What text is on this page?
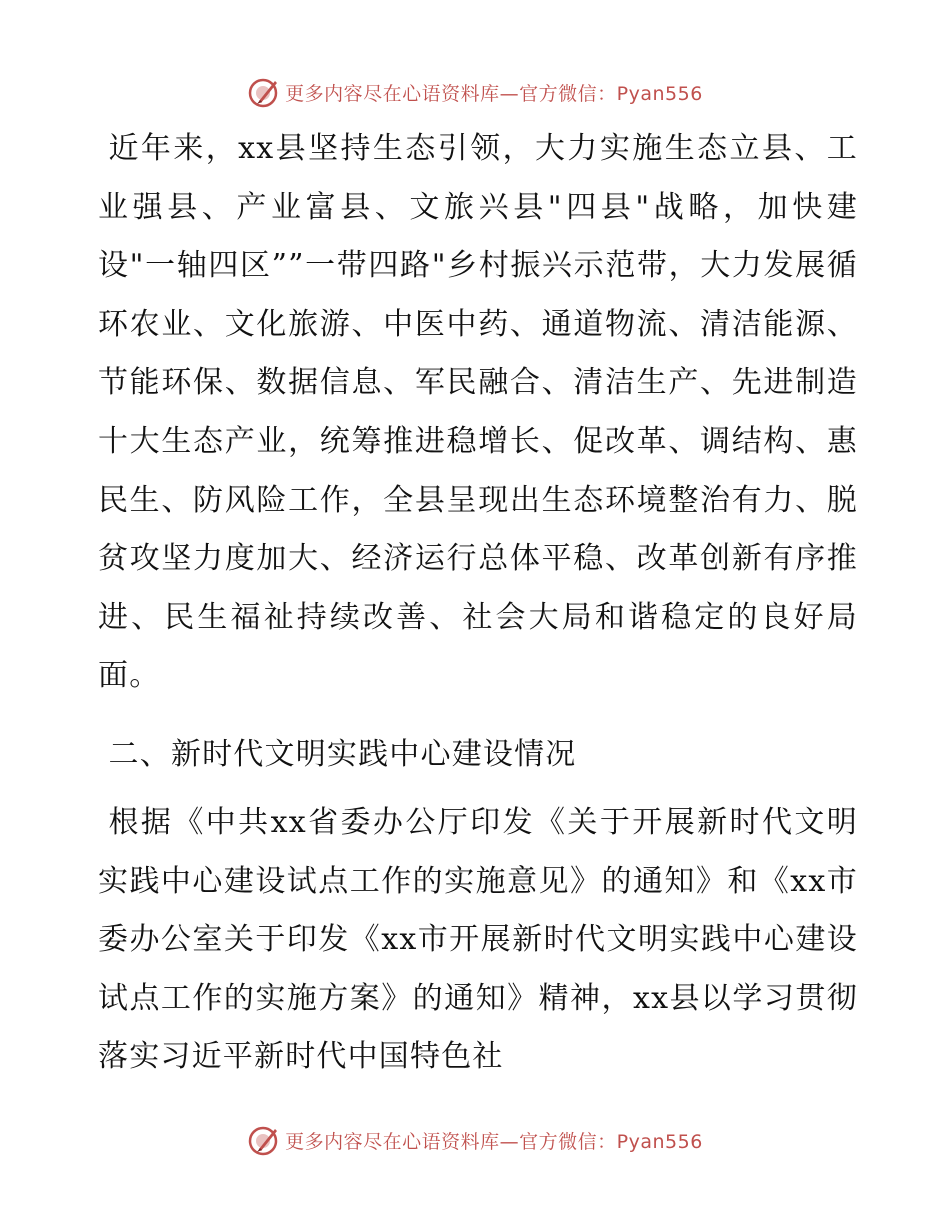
更多内容尽在心语资料库—官方微信：Pyan556

近年来，xx县坚持生态引领，大力实施生态立县、工业强县、产业富县、文旅兴县"四县"战略，加快建设"一轴四区””一带四路"乡村振兴示范带，大力发展循环农业、文化旅游、中医中药、通道物流、清洁能源、节能环保、数据信息、军民融合、清洁生产、先进制造十大生态产业，统筹推进稳增长、促改革、调结构、惠民生、防风险工作，全县呈现出生态环境整治有力、脱贫攻坚力度加大、经济运行总体平稳、改革创新有序推进、民生福祉持续改善、社会大局和谐稳定的良好局面。

二、新时代文明实践中心建设情况

根据《中共xx省委办公厅印发《关于开展新时代文明实践中心建设试点工作的实施意见》的通知》和《xx市委办公室关于印发《xx市开展新时代文明实践中心建设试点工作的实施方案》的通知》精神，xx县以学习贯彻落实习近平新时代中国特色社

更多内容尽在心语资料库—官方微信：Pyan556
